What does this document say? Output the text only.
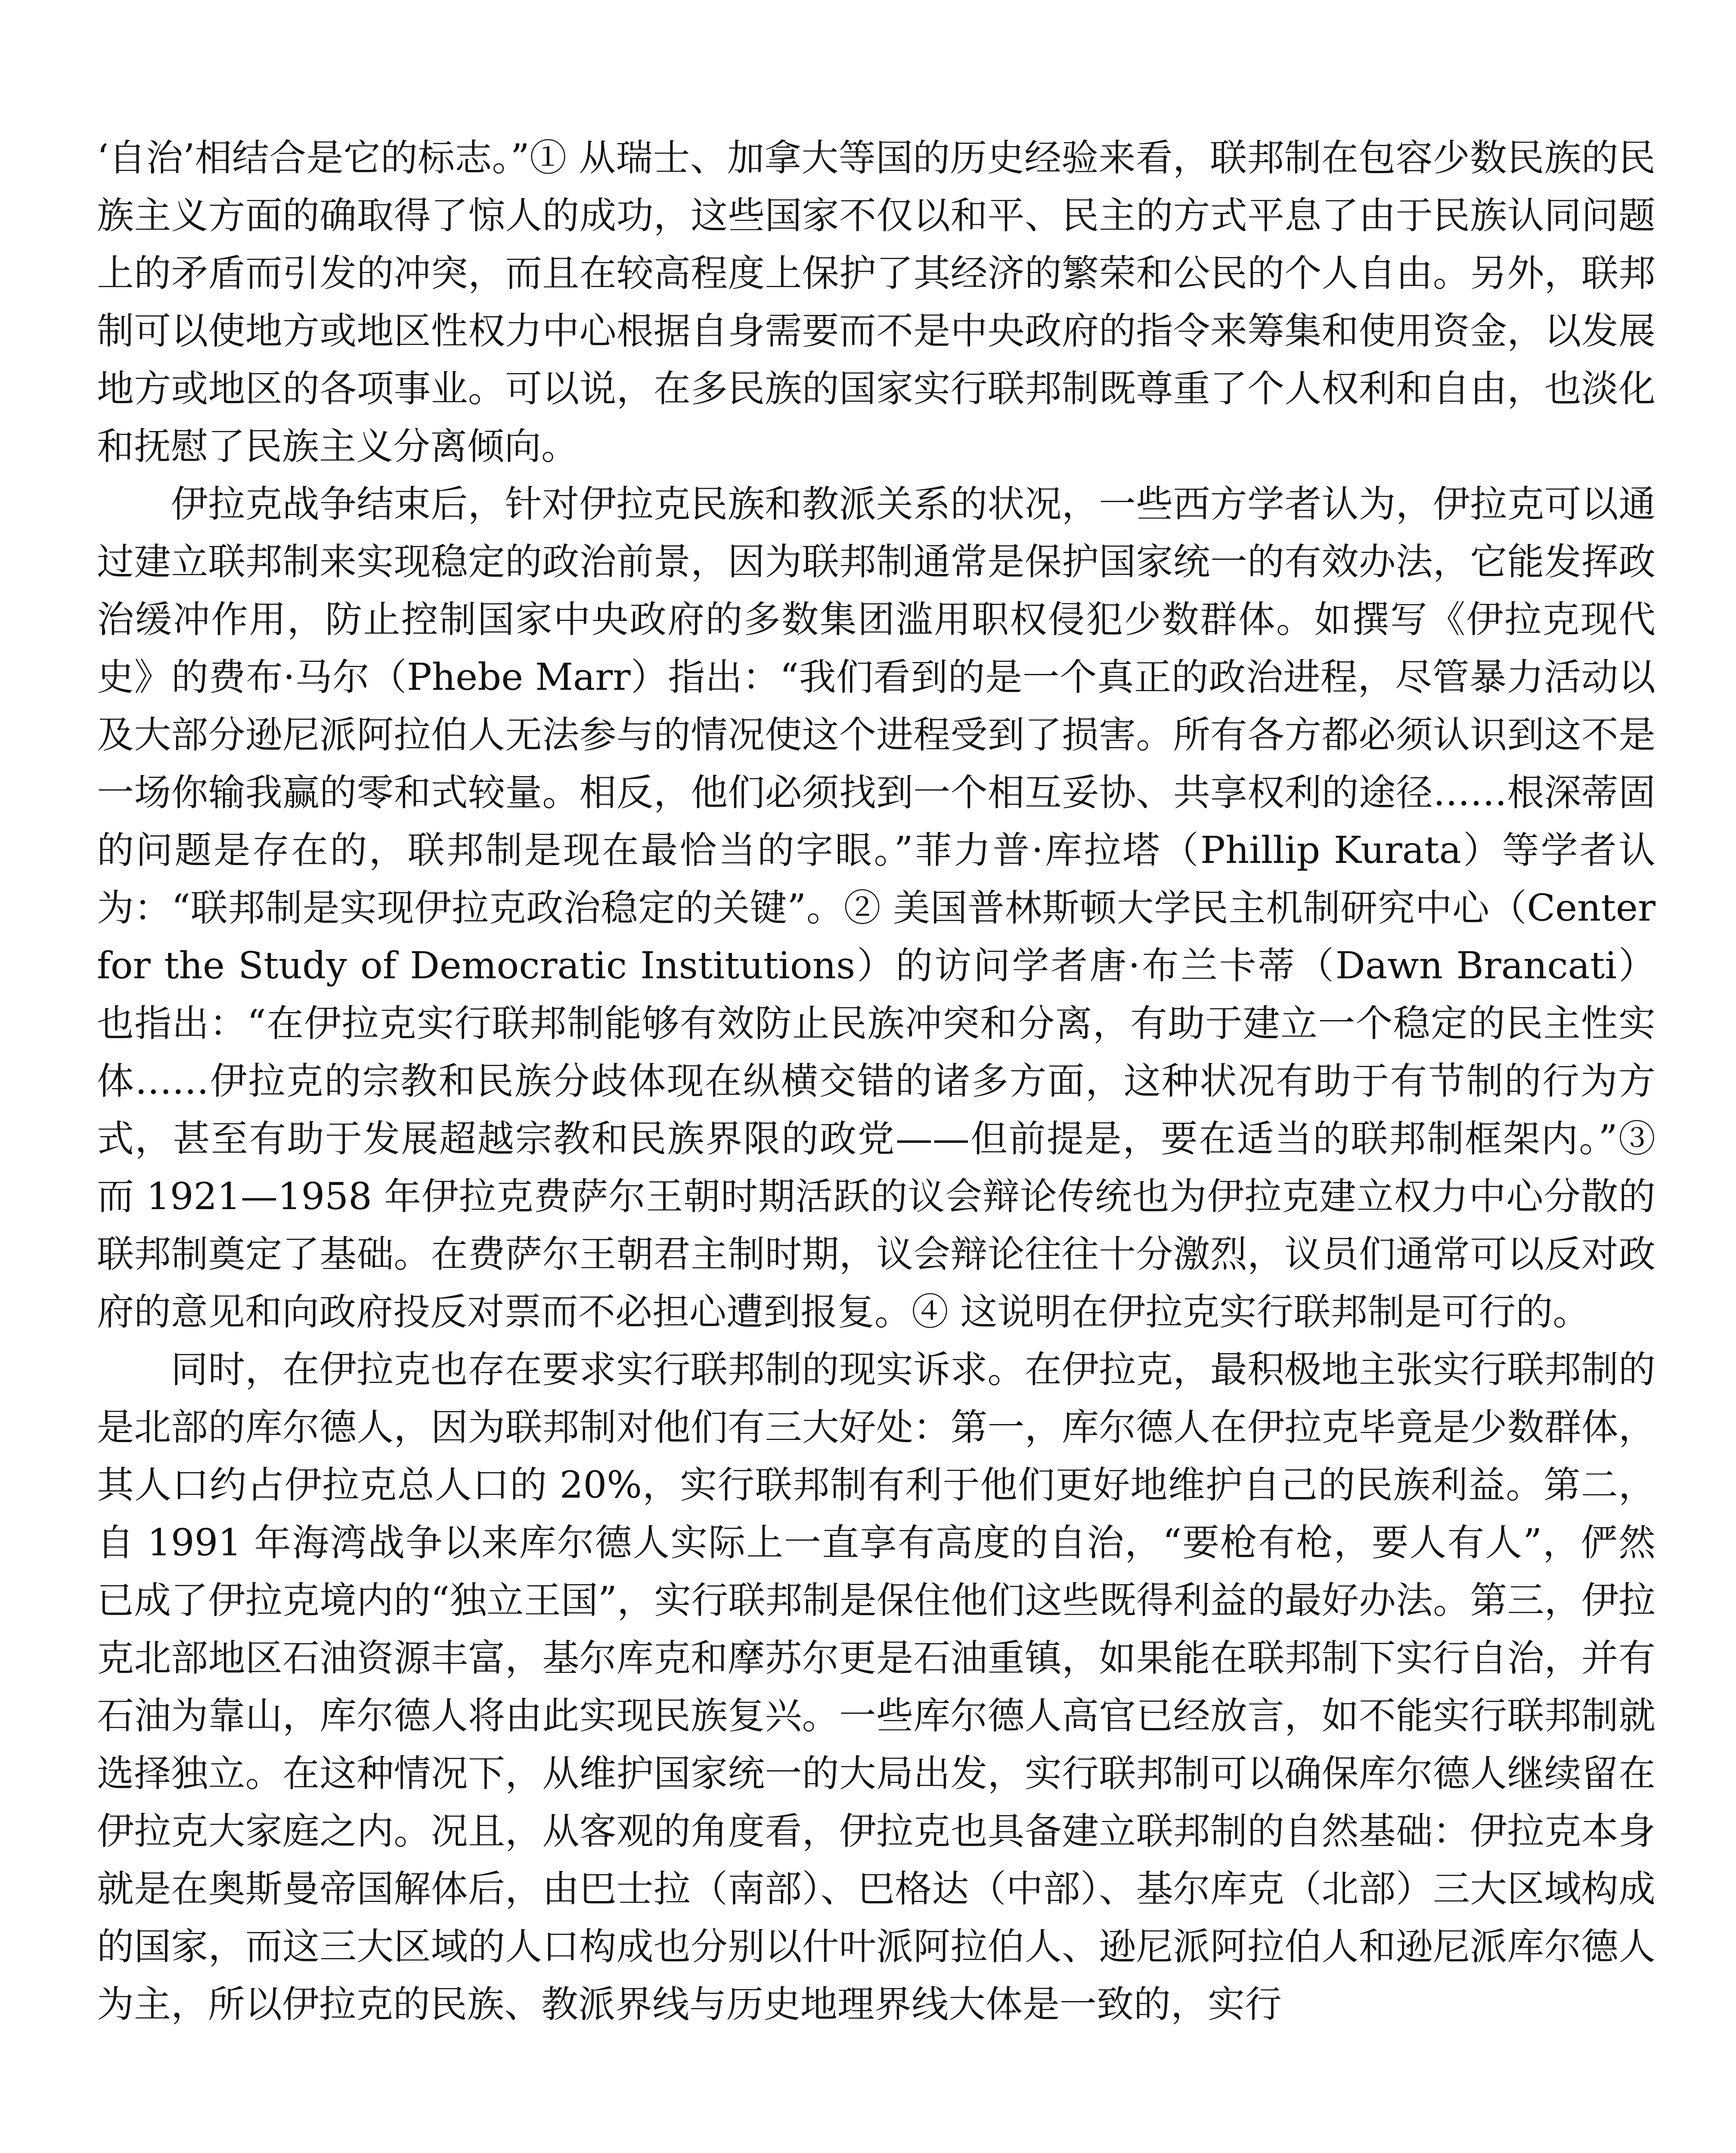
‘自治’相结合是它的标志。”① 从瑞士、加拿大等国的历史经验来看，联邦制在包容少数民族的民族主义方面的确取得了惊人的成功，这些国家不仅以和平、民主的方式平息了由于民族认同问题上的矛盾而引发的冲突，而且在较高程度上保护了其经济的繁荣和公民的个人自由。另外，联邦制可以使地方或地区性权力中心根据自身需要而不是中央政府的指令来筹集和使用资金，以发展地方或地区的各项事业。可以说，在多民族的国家实行联邦制既尊重了个人权利和自由，也淡化和抚慰了民族主义分离倾向。

伊拉克战争结束后，针对伊拉克民族和教派关系的状况，一些西方学者认为，伊拉克可以通过建立联邦制来实现稳定的政治前景，因为联邦制通常是保护国家统一的有效办法，它能发挥政治缓冲作用，防止控制国家中央政府的多数集团滥用职权侵犯少数群体。如撰写《伊拉克现代史》的费布·马尔（Phebe Marr）指出：“我们看到的是一个真正的政治进程，尽管暴力活动以及大部分逊尼派阿拉伯人无法参与的情况使这个进程受到了损害。所有各方都必须认识到这不是一场你输我赢的零和式较量。相反，他们必须找到一个相互妥协、共享权利的途径……根深蒂固的问题是存在的，联邦制是现在最恰当的字眼。”菲力普·库拉塔（Phillip Kurata）等学者认为：“联邦制是实现伊拉克政治稳定的关键”。② 美国普林斯顿大学民主机制研究中心（Center for the Study of Democratic Institutions）的访问学者唐·布兰卡蒂（Dawn Brancati）也指出：“在伊拉克实行联邦制能够有效防止民族冲突和分离，有助于建立一个稳定的民主性实体……伊拉克的宗教和民族分歧体现在纵横交错的诸多方面，这种状况有助于有节制的行为方式，甚至有助于发展超越宗教和民族界限的政党——但前提是，要在适当的联邦制框架内。”③ 而 1921—1958 年伊拉克费萨尔王朝时期活跃的议会辩论传统也为伊拉克建立权力中心分散的联邦制奠定了基础。在费萨尔王朝君主制时期，议会辩论往往十分激烈，议员们通常可以反对政府的意见和向政府投反对票而不必担心遭到报复。④ 这说明在伊拉克实行联邦制是可行的。

同时，在伊拉克也存在要求实行联邦制的现实诉求。在伊拉克，最积极地主张实行联邦制的是北部的库尔德人，因为联邦制对他们有三大好处：第一，库尔德人在伊拉克毕竟是少数群体，其人口约占伊拉克总人口的 20%，实行联邦制有利于他们更好地维护自己的民族利益。第二，自 1991 年海湾战争以来库尔德人实际上一直享有高度的自治，“要枪有枪，要人有人”，俨然已成了伊拉克境内的“独立王国”，实行联邦制是保住他们这些既得利益的最好办法。第三，伊拉克北部地区石油资源丰富，基尔库克和摩苏尔更是石油重镇，如果能在联邦制下实行自治，并有石油为靠山，库尔德人将由此实现民族复兴。一些库尔德人高官已经放言，如不能实行联邦制就选择独立。在这种情况下，从维护国家统一的大局出发，实行联邦制可以确保库尔德人继续留在伊拉克大家庭之内。况且，从客观的角度看，伊拉克也具备建立联邦制的自然基础：伊拉克本身就是在奥斯曼帝国解体后，由巴士拉（南部）、巴格达（中部）、基尔库克（北部）三大区域构成的国家，而这三大区域的人口构成也分别以什叶派阿拉伯人、逊尼派阿拉伯人和逊尼派库尔德人为主，所以伊拉克的民族、教派界线与历史地理界线大体是一致的，实行
